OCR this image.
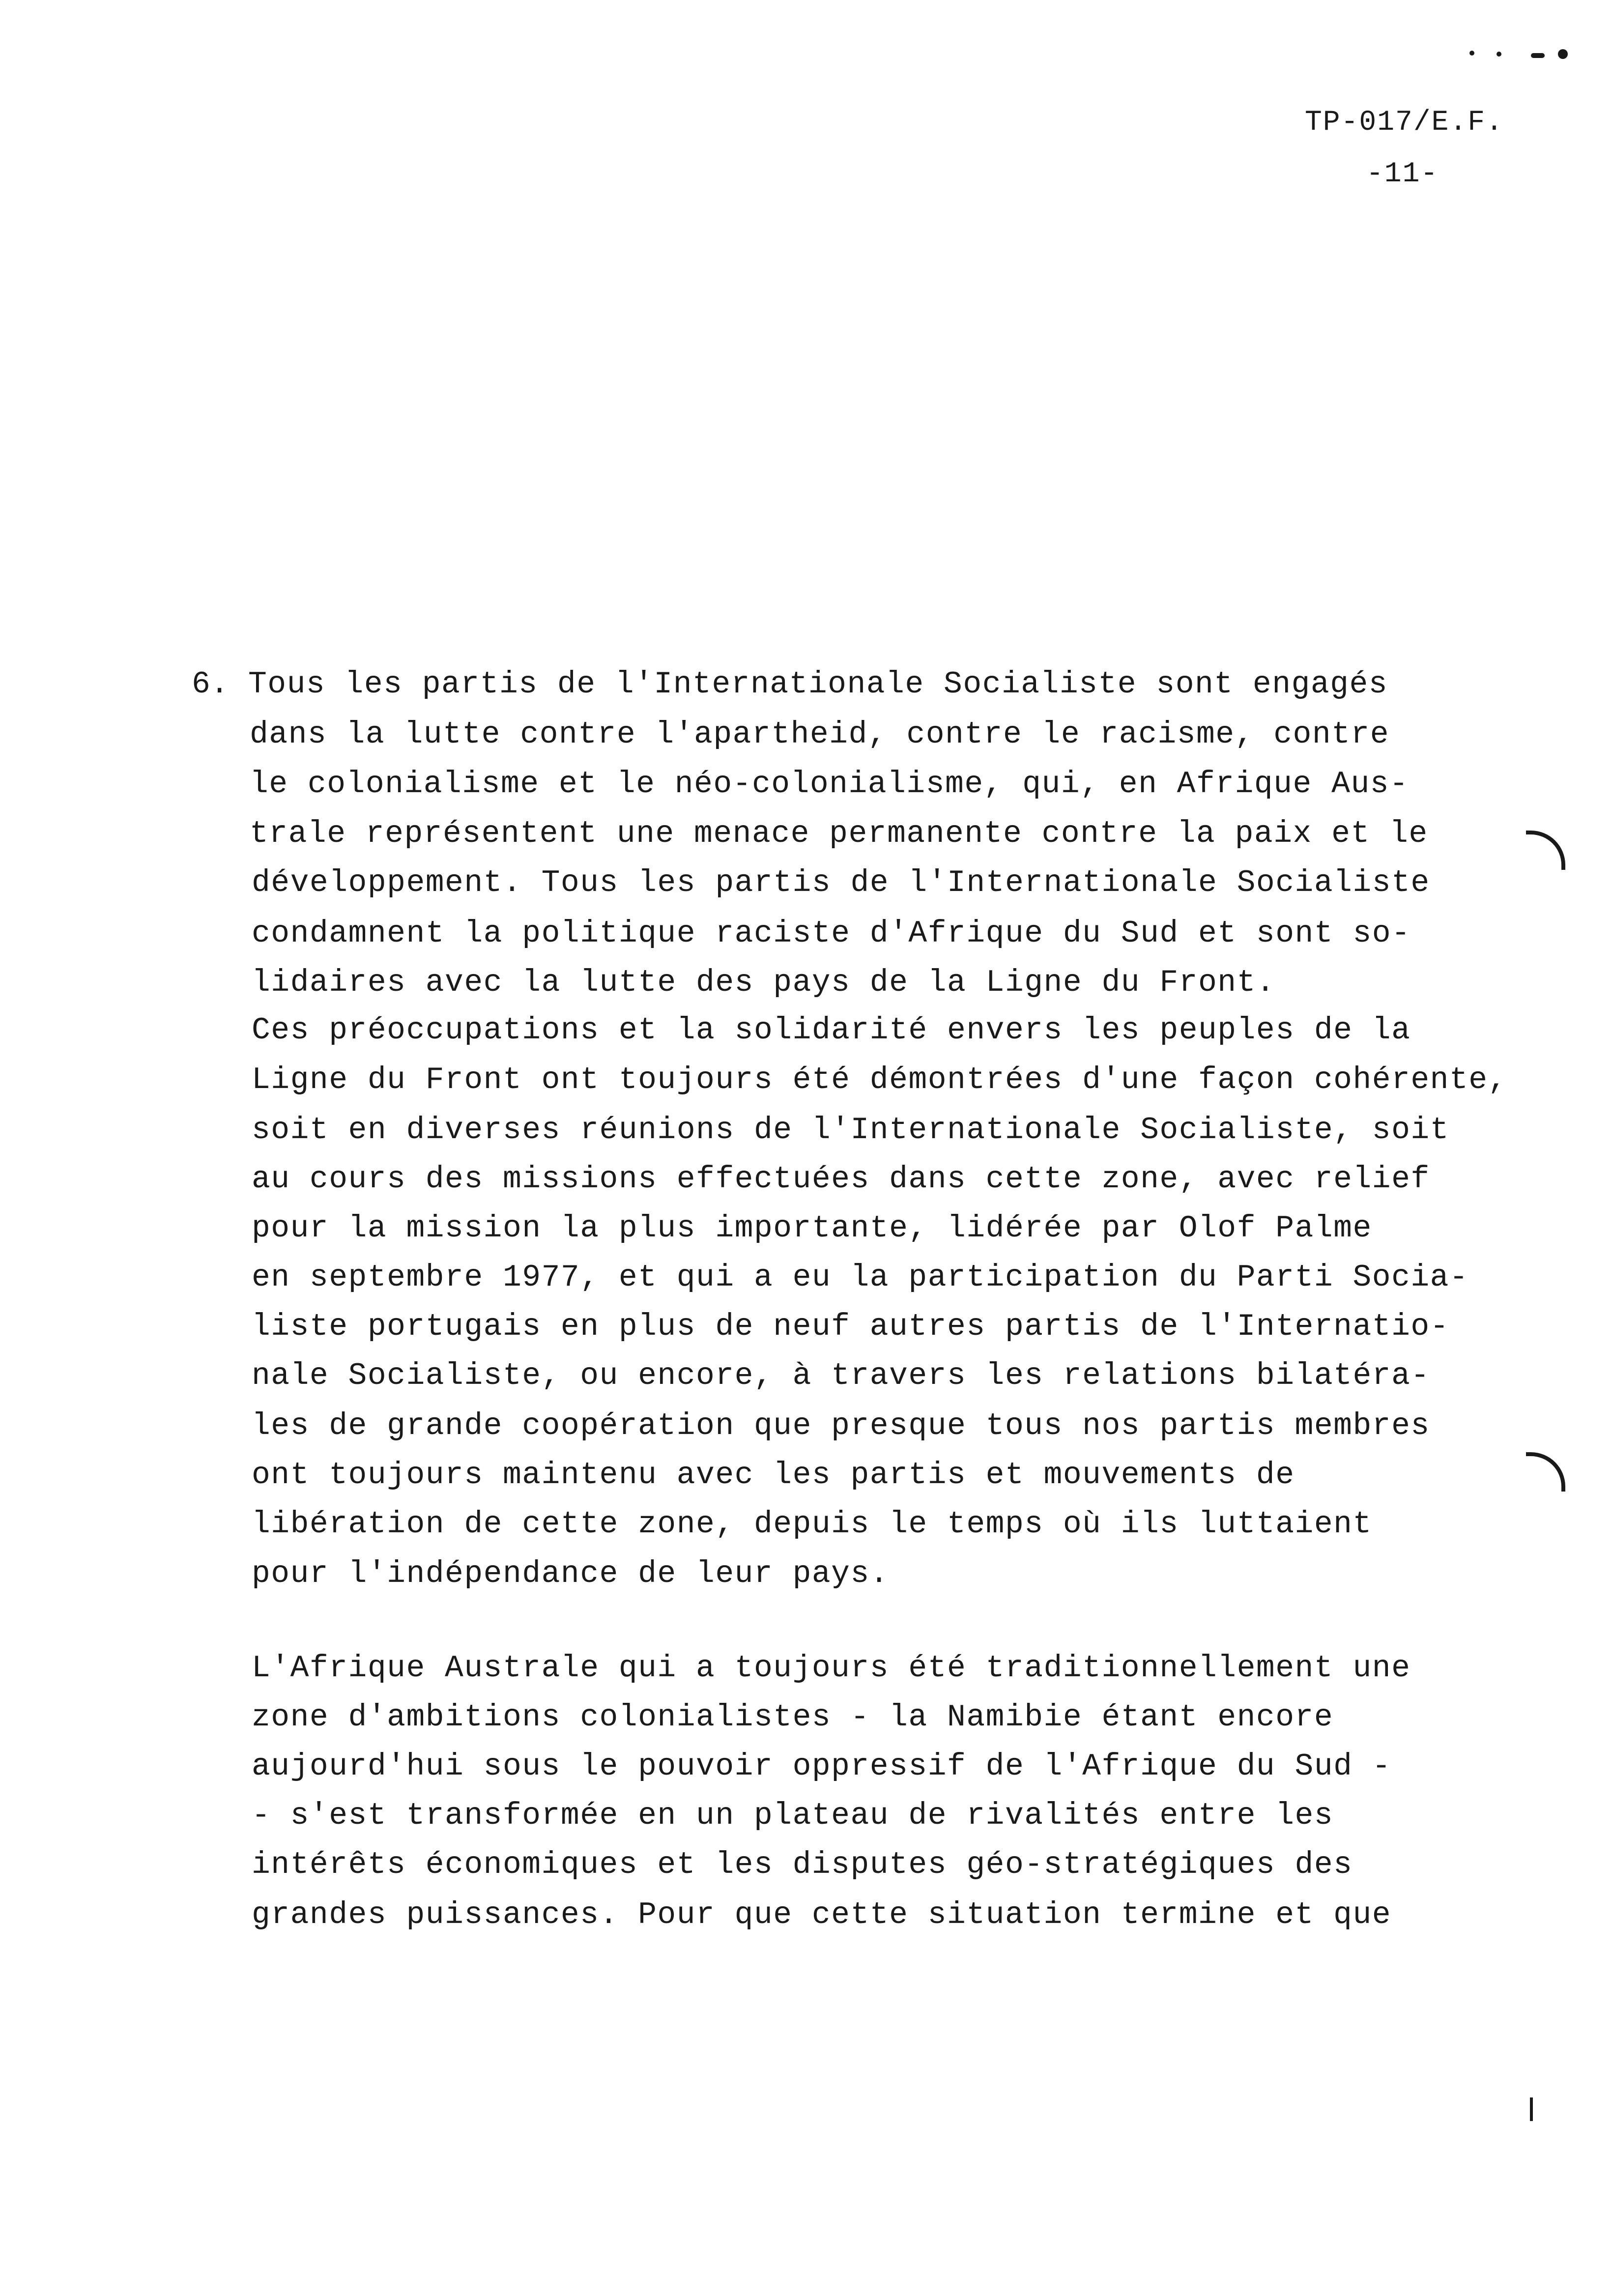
TP-017/E.F.
-11-
6. Tous les partis de l'Internationale Socialiste sont engagés
dans la lutte contre l'apartheid, contre le racisme, contre
le colonialisme et le néo-colonialisme, qui, en Afrique Aus-
trale représentent une menace permanente contre la paix et le
développement. Tous les partis de l'Internationale Socialiste
condamnent la politique raciste d'Afrique du Sud et sont so-
lidaires avec la lutte des pays de la Ligne du Front.
Ces préoccupations et la solidarité envers les peuples de la
Ligne du Front ont toujours été démontrées d'une façon cohérente,
soit en diverses réunions de l'Internationale Socialiste, soit
au cours des missions effectuées dans cette zone, avec relief
pour la mission la plus importante, lidérée par Olof Palme
en septembre 1977, et qui a eu la participation du Parti Socia-
liste portugais en plus de neuf autres partis de l'Internatio-
nale Socialiste, ou encore, à travers les relations bilatéra-
les de grande coopération que presque tous nos partis membres
ont toujours maintenu avec les partis et mouvements de
libération de cette zone, depuis le temps où ils luttaient
pour l'indépendance de leur pays.
L'Afrique Australe qui a toujours été traditionnellement une
zone d'ambitions colonialistes - la Namibie étant encore
aujourd'hui sous le pouvoir oppressif de l'Afrique du Sud -
- s'est transformée en un plateau de rivalités entre les
intérêts économiques et les disputes géo-stratégiques des
grandes puissances. Pour que cette situation termine et que
